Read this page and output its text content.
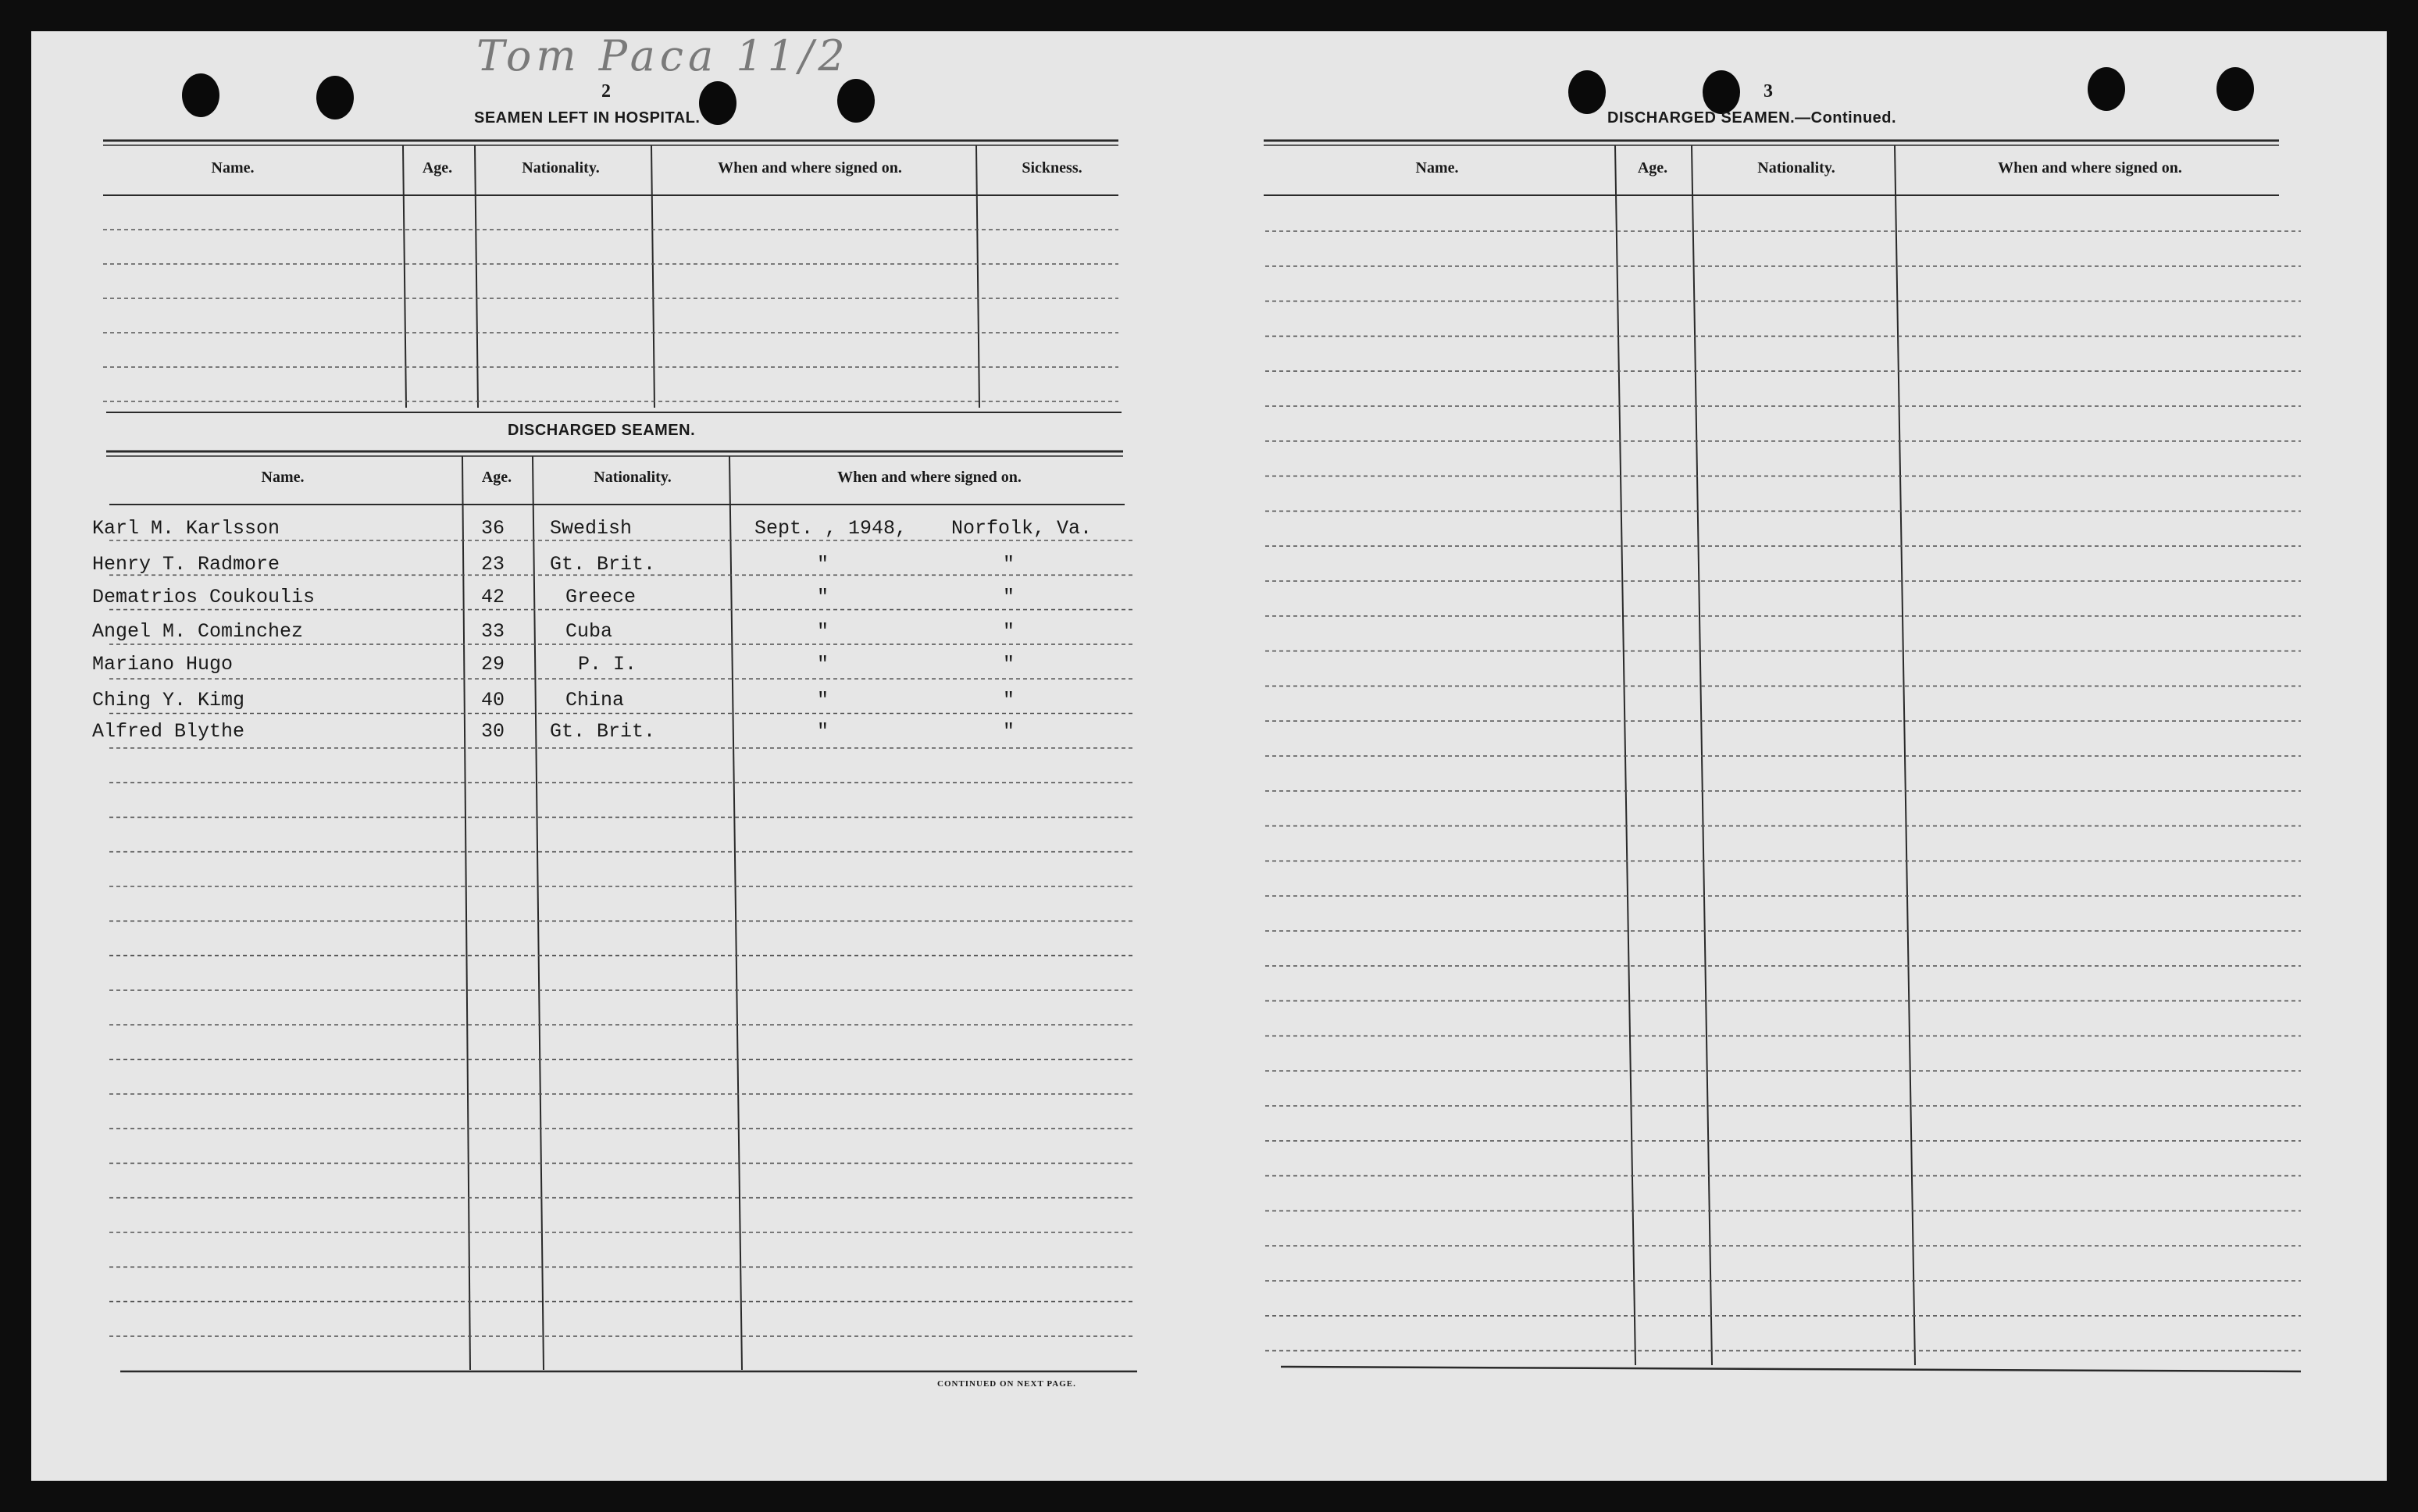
Tom Paca 11/2
2
SEAMEN LEFT IN HOSPITAL.
Name.	Age.	Nationality.	When and where signed on.	Sickness.
DISCHARGED SEAMEN.
Name.	Age.	Nationality.	When and where signed on.
Karl M. Karlsson	36 Swedish	Sept. , 1948, Norfolk, Va.
Henry T. Radmore	23 Gt. Brit.	"	"
Dematrios Coukoulis	42	Greece	"	"
Angel M. Cominchez	33	Cuba	"	"
Mariano Hugo	29	P. I.	"	"
Ching Y. Kimg	40	China	"	"
Alfred Blythe	30 Gt. Brit.	"	"
CONTINUED ON NEXT PAGE.
3
DISCHARGED SEAMEN.—Continued.
Name.	Age.	Nationality.	When and where signed on.
